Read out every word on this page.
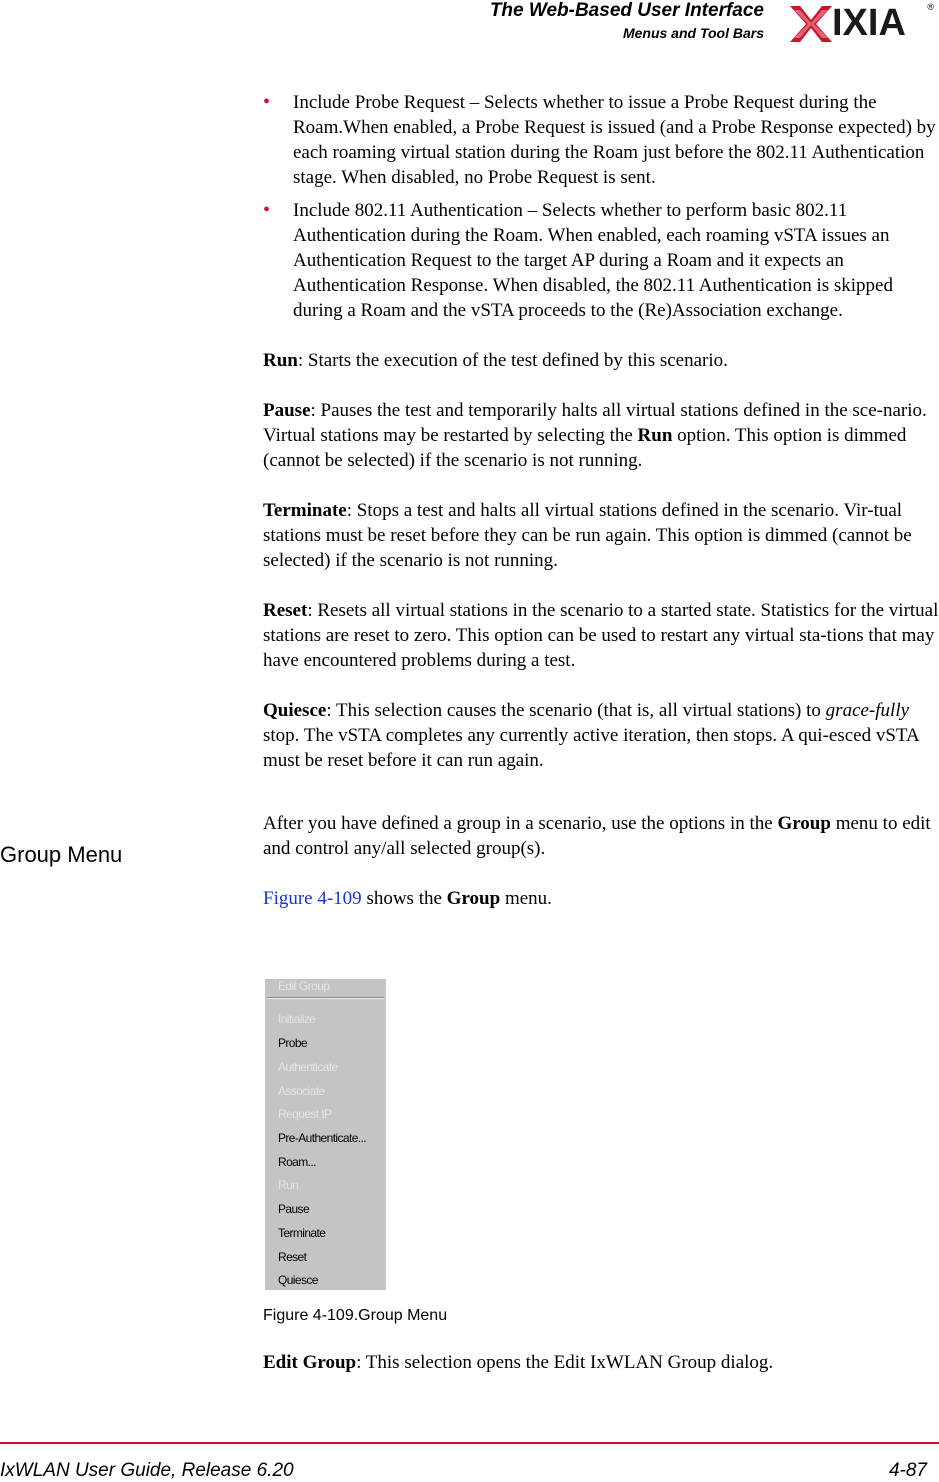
The Web-Based User Interface
Menus and Tool Bars IXIA ®
• Include Probe Request – Selects whether to issue a Probe Request during the Roam.When enabled, a Probe Request is issued (and a Probe Response expected) by each roaming virtual station during the Roam just before the 802.11 Authentication stage. When disabled, no Probe Request is sent.
• Include 802.11 Authentication – Selects whether to perform basic 802.11 Authentication during the Roam. When enabled, each roaming vSTA issues an Authentication Request to the target AP during a Roam and it expects an Authentication Response. When disabled, the 802.11 Authentication is skipped during a Roam and the vSTA proceeds to the (Re)Association exchange.

Run: Starts the execution of the test defined by this scenario.

Pause: Pauses the test and temporarily halts all virtual stations defined in the sce-nario. Virtual stations may be restarted by selecting the Run option. This option is dimmed (cannot be selected) if the scenario is not running.

Terminate: Stops a test and halts all virtual stations defined in the scenario. Vir-tual stations must be reset before they can be run again. This option is dimmed (cannot be selected) if the scenario is not running.

Reset: Resets all virtual stations in the scenario to a started state. Statistics for the virtual stations are reset to zero. This option can be used to restart any virtual sta-tions that may have encountered problems during a test.

Quiesce: This selection causes the scenario (that is, all virtual stations) to grace-fully stop. The vSTA completes any currently active iteration, then stops. A qui-esced vSTA must be reset before it can run again.

After you have defined a group in a scenario, use the options in the Group menu to edit and control any/all selected group(s).

Figure 4-109 shows the Group menu.

Group Menu
Edit Group
Initialize
Probe
Authenticate
Associate
Request IP
Pre-Authenticate...
Roam...
Run
Pause
Terminate
Reset
Quiesce
Figure 4-109.Group Menu
Edit Group: This selection opens the Edit IxWLAN Group dialog.
IxWLAN User Guide, Release 6.20	4-87
